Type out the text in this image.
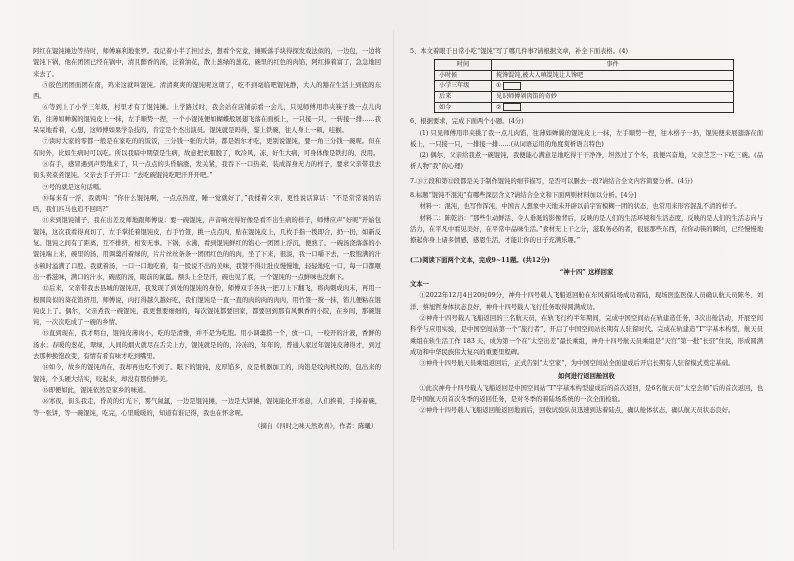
阿红在馄饨摊边等待时，师傅麻利地张罗。我记着小半了担过去，想看个究竟，摊贩落手块得探发戏法似的，一边包，一边将馄饨下锅，他在团团已经在锅中，清且醉香的汤，泛着油花，散上葱绿的葱花，碗里的红色的肉馅，阿红捧着富了，急急地回来去了。

⑤胶色团团面团在南，鸡来这就叫馄饨。清清爽爽的馄饨呢这谓了，吃不到毫临吧馄饨静，大人的豁在生活上到底的东西。

⑥等到上了小学三年级，村里才有了馄饨摊。上学路过时，我会站在店铺前看一会儿，只见师傅用串夹筷子拨一点儿肉馅，往薄如蝉翼的馄饨皮上一抹，左手顺势一捏，一个小馄饨便如蝴蝶般展翅飞落在面板上，一只接一只，一转接一排……我呆呆地看着，心想，这师傅如果学杂技的，肯定是个杰出演员。馄饨就是吗得，鉴上铁碗，往人身上一顿，哇猴。

⑦读时大家的零都一般是在家吃的的饭饭，三分钱一张的大饼，都是妈尔才吃，更别说馄饨，要一角三分钱一碗呢。但在有时外，比如生病时可以吃。所以我暗中期望是生病，故意把衣服脱了，吹冷风，冻，好生大病，可身体像是铁打的，没用。

⑧有手，感冒遇到声势地来了，只一点点的头昏脑涨，发关紧，我吞下一口热菜，装成浑身无力的样子，要求父亲带我去街头卖菜煮馄饨。父亲去手子开口：“去吃碗馄饨吃吧汗开开吧。”

⑨号的就是这句话嗎。

⑩每来有一浮，我就叫：“你什么馄饨啊，一点点热度，睡一觉就好了，”我揉着父亲，更性说话算话：“不是常常说的话吗，我们匹马也追不回吗?”

⑪来到馄饨铺子，我在出差及师地跟师傅说：要一碗馄饨，声音响亮得好像是看不出生病的样子，师傅应声“好呢”开始包馄饨，这次我看得真切了，左手掌托着馄饨皮，右手竹签，挑一点点肉，贴在馄饨皮上，几枚手指一拨即合，扔一扔，如新反复。馄饨之间有了距离，互不排挤，相安无事。下锅，水沸，看到馄饨鲜红的馅心一团团上浮沉，便熟了。一碗汤浇落落的小馄饨端上来，碗里的汤，用调羹舀着绿的，片片丝丝条条一团团红色的的肉，坐了下来，很淡，我一口嚼下去，一股饱满的汁水顿时溢满了口腔。我就着汤，一口一口地吃着，有一股说不出的美味，我赞不得让肚皮慢慢地，轻轻地吃一口，每一口都咂出一番滋味，满口的汁水，碗底的汤，眼前的氤氲。额头上全是汗，碗也见了底，一个馄饨的一点鲜味也没剩下。

⑫后来，父亲带我去县城的馄饨店，我发现了到处的馄饨的身份，师傅双手各执一把刀上下翻飞，将肉刺成肉末，再用一根圆筒似的葵花馅挤用，师傅说，肉打得越久越好吃，我们馄饨是一直一直的肉的肉的肉肉，用竹签一搅一抹，馅儿便粘在馄饨皮上了。偶尔，父亲煮我一碗馄饨，我更想要细细的，每次馄饨都要回家，都要回到那有风飘香的小院，在乡间，那碗馄饨，一次次吃成了一碗的乡情。

⑬直到现在，我才明白，馄饨皮薄肉小，吃的是清雅，并不是为吃饱。用小调羹捞一个，放一口，一咬开的汁液，香鲜的汤水；春暖的葱花，翠绿，人间的烟火就尽在舌尖上方，馄饨就是的的，冷冻的，年年的，普通人家过年馄饨皮薄得才，到过去那种换饱改变，有情有肴有味才吃到嘴里。

⑭如今，故乡的馄饨尚在，我却再也吃不到了。眼下的馄饨，皮厚馅多，皮是机器加工的，肉馅是绞肉机绞的，包出来的馄饨，个头硬大结实，咬起来，却没有那份鲜美。

⑮即便如此，馄饨依然是家乡的味道。

⑯寒夜，街头我走，昏黄的灯光下，雾气氤氲，一边是馄饨摊，一边是大饼摊，馄饨能化开寒意，人们挨着，手捧着碗，等一张饼，等一碗馄饨，吃完，心里暖暖的，知道有谁记得，我也在怀念呢。

（摘自《四时之味天然欢喜》，作者：陈曦）

5、本文着眼于日常小吃“馄饨”写了哪几件事?请根据文章，补全下面表格。(4)

时间	事件
小时候	搅馋馄饨,被大人嗔馄饨让人馋吧
小学三年级	①
后来	见识师傅剁肉馅的奇妙
如今	②

6、根据要求，完成下面两个小题。(4分)

(1) 只见师傅用串夹挑了我一点儿肉馅，往薄如蝉翼的馄饨皮上一抹，左手顺势一捏，往木格子一扔，馄饨便来展翅落在面板上，一只接一只，一排接一排……(从词语运用的角度赏析语言特色)

(2) 偶尔，父亲给我煮一碗馄饨，我便能心满意足地吃得干干净净，坦然过了个冬，我便兴奋地，父亲芝芝一下吃三碗。(品析人物“我”的心理)

7.③⑦段和第⑫段都是关于制作馄饨的细节描写，是否可以删去一段?请结合全文内容简要分析。(4分)

8.标题“馄饨不混沌”有哪些深层含义?请结合全文和下面两则材料加以分析。[4分]

材料一：混沌，也写作浑沌，中国古人想象中天地未开辟以前宇宙模糊一团的状态，也常用来形容混乱不清的样子。

材料二：陈乾浴：“那些生动鲜活、令人垂涎的影像背后，反映的是人们的生活环境和生活态度，反映的是人们的生活志向与活力，在平凡中看见美好，在平常中品味生活。”食材无上干之分，滋取务必的者，很显那些东西，在你动筷的瞬间，已经慢慢地撩起你身上诸多情感，感恩生活，才能让你的日子充满乐趣。”

(二)阅读下面两个文本，完成9~11题。(共12分)

“神十四” 这样回家

文本一

①2022年12月4日20时09分，神舟十四号载人飞船返回舱在东风着陆场成功着陆，现场医监医保人员确认航天员陈冬、刘洋、蔡旭哲身体状态良好，神舟十四号载人飞行任务取得圆满成功。

②神舟十四号载人飞船返回的三名航天员，在轨飞行约半年期间，完成中国空间站在轨建造任务，3次出舱活动，开展空间科学与应用实验，是中国空间站第一个“旅行者”，开启了中国空间站长期有人驻留时代。完成在轨建造“T”字基本构型，航天员乘组在轨生活工作 183 天，成为第一个在“太空出差”最长乘组，神舟十四号航天员乘组是“天宫”第一批“长驻”住民，形成圆满成功和中华民族伟大复兴的重要里程碑。

③神舟十四号航天员乘组返回后，正式告别“太空家”，为中国空间站全面建成后开启长期有人驻留模式奠定基础。

如何进行返回舱回收

①此次神舟十四号载人飞船返回是中国空间站“T”字基本构型建成后的首次返回，是6名航天员“太空会师”后的首次返回，也是中国航天员首次冬季的返回任务，是对冬季的着陆场系统的一次全面检验。

②神舟十四号载人飞船返回舱返回地面后，回收试验队员迅速到达着陆点，确认舱体状态，确认航天员状态良好。
